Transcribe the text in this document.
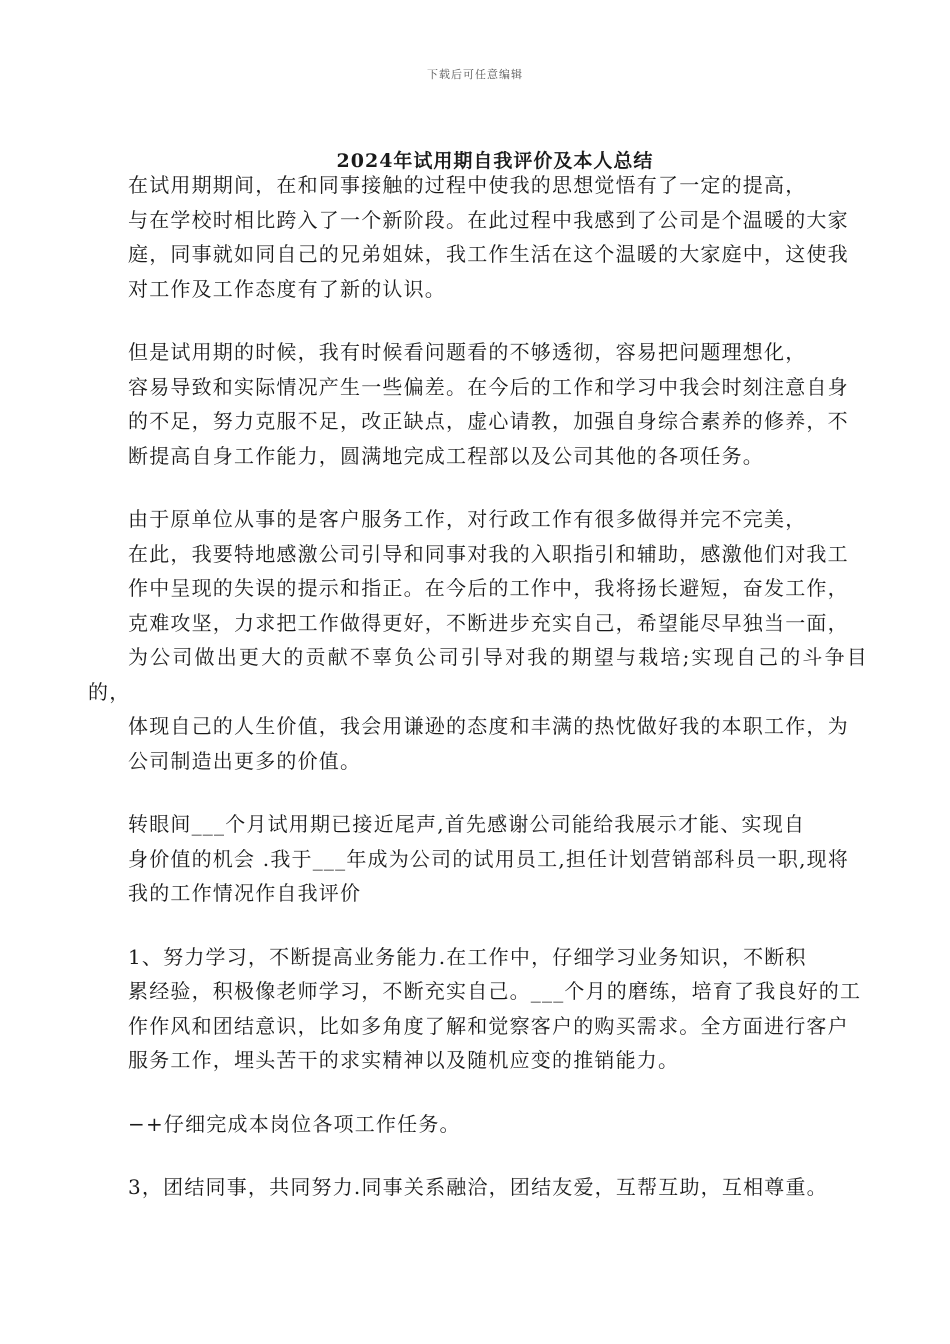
下载后可任意编辑
2024年试用期自我评价及本人总结

在试用期期间，在和同事接触的过程中使我的思想觉悟有了一定的提高，
与在学校时相比跨入了一个新阶段。在此过程中我感到了公司是个温暖的大家
庭，同事就如同自己的兄弟姐妹，我工作生活在这个温暖的大家庭中，这使我
对工作及工作态度有了新的认识。

但是试用期的时候，我有时候看问题看的不够透彻，容易把问题理想化，
容易导致和实际情况产生一些偏差。在今后的工作和学习中我会时刻注意自身
的不足，努力克服不足，改正缺点，虚心请教，加强自身综合素养的修养，不
断提高自身工作能力，圆满地完成工程部以及公司其他的各项任务。

由于原单位从事的是客户服务工作，对行政工作有很多做得并完不完美，
在此，我要特地感激公司引导和同事对我的入职指引和辅助，感激他们对我工
作中呈现的失误的提示和指正。在今后的工作中，我将扬长避短，奋发工作，
克难攻坚，力求把工作做得更好，不断进步充实自己，希望能尽早独当一面，
为公司做出更大的贡献不辜负公司引导对我的期望与栽培;实现自己的斗争目的，
体现自己的人生价值，我会用谦逊的态度和丰满的热忱做好我的本职工作，为
公司制造出更多的价值。

转眼间___个月试用期已接近尾声,首先感谢公司能给我展示才能、实现自
身价值的机会 .我于___年成为公司的试用员工,担任计划营销部科员一职,现将
我的工作情况作自我评价

1、努力学习，不断提高业务能力.在工作中，仔细学习业务知识，不断积
累经验，积极像老师学习，不断充实自己。___个月的磨练，培育了我良好的工
作作风和团结意识，比如多角度了解和觉察客户的购买需求。全方面进行客户
服务工作，埋头苦干的求实精神以及随机应变的推销能力。

−+仔细完成本岗位各项工作任务。

3，团结同事，共同努力.同事关系融洽，团结友爱，互帮互助，互相尊重。
